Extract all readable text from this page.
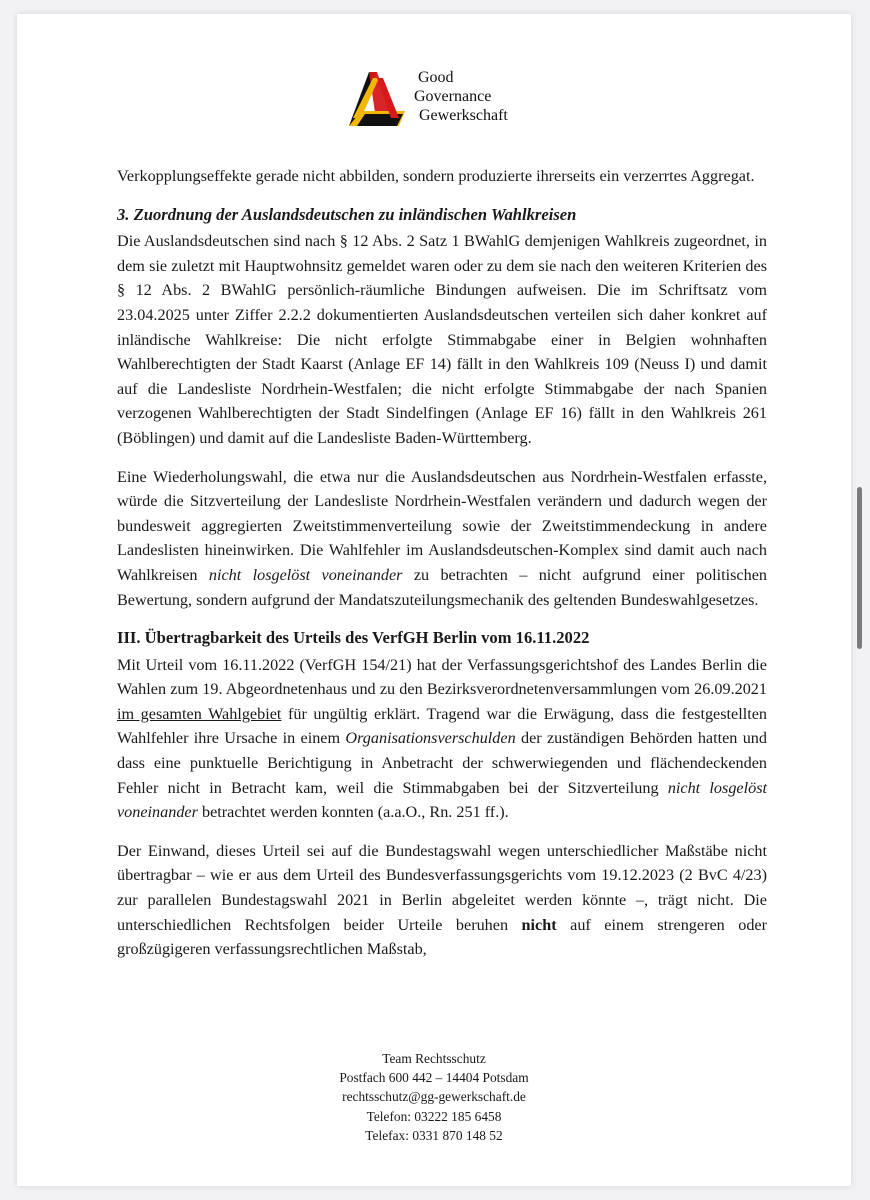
Good
Governance
Gewerkschaft

Verkopplungseffekte gerade nicht abbilden, sondern produzierte ihrerseits ein verzerrtes Aggregat.

3. Zuordnung der Auslandsdeutschen zu inländischen Wahlkreisen

Die Auslandsdeutschen sind nach § 12 Abs. 2 Satz 1 BWahlG demjenigen Wahlkreis zugeordnet, in dem sie zuletzt mit Hauptwohnsitz gemeldet waren oder zu dem sie nach den weiteren Kriterien des § 12 Abs. 2 BWahlG persönlich-räumliche Bindungen aufweisen. Die im Schriftsatz vom 23.04.2025 unter Ziffer 2.2.2 dokumentierten Auslandsdeutschen verteilen sich daher konkret auf inländische Wahlkreise: Die nicht erfolgte Stimmabgabe einer in Belgien wohnhaften Wahlberechtigten der Stadt Kaarst (Anlage EF 14) fällt in den Wahlkreis 109 (Neuss I) und damit auf die Landesliste Nordrhein-Westfalen; die nicht erfolgte Stimmabgabe der nach Spanien verzogenen Wahlberechtigten der Stadt Sindelfingen (Anlage EF 16) fällt in den Wahlkreis 261 (Böblingen) und damit auf die Landesliste Baden-Württemberg.

Eine Wiederholungswahl, die etwa nur die Auslandsdeutschen aus Nordrhein-Westfalen erfasste, würde die Sitzverteilung der Landesliste Nordrhein-Westfalen verändern und dadurch wegen der bundesweit aggregierten Zweitstimmenverteilung sowie der Zweitstimmendeckung in andere Landeslisten hineinwirken. Die Wahlfehler im Auslandsdeutschen-Komplex sind damit auch nach Wahlkreisen nicht losgelöst voneinander zu betrachten – nicht aufgrund einer politischen Bewertung, sondern aufgrund der Mandatszuteilungsmechanik des geltenden Bundeswahlgesetzes.

III. Übertragbarkeit des Urteils des VerfGH Berlin vom 16.11.2022

Mit Urteil vom 16.11.2022 (VerfGH 154/21) hat der Verfassungsgerichtshof des Landes Berlin die Wahlen zum 19. Abgeordnetenhaus und zu den Bezirksverordnetenversammlungen vom 26.09.2021 im gesamten Wahlgebiet für ungültig erklärt. Tragend war die Erwägung, dass die festgestellten Wahlfehler ihre Ursache in einem Organisationsverschulden der zuständigen Behörden hatten und dass eine punktuelle Berichtigung in Anbetracht der schwerwiegenden und flächendeckenden Fehler nicht in Betracht kam, weil die Stimmabgaben bei der Sitzverteilung nicht losgelöst voneinander betrachtet werden konnten (a.a.O., Rn. 251 ff.).

Der Einwand, dieses Urteil sei auf die Bundestagswahl wegen unterschiedlicher Maßstäbe nicht übertragbar – wie er aus dem Urteil des Bundesverfassungsgerichts vom 19.12.2023 (2 BvC 4/23) zur parallelen Bundestagswahl 2021 in Berlin abgeleitet werden könnte –, trägt nicht. Die unterschiedlichen Rechtsfolgen beider Urteile beruhen nicht auf einem strengeren oder großzügigeren verfassungsrechtlichen Maßstab,

Team Rechtsschutz
Postfach 600 442 – 14404 Potsdam
rechtsschutz@gg-gewerkschaft.de
Telefon: 03222 185 6458
Telefax: 0331 870 148 52
